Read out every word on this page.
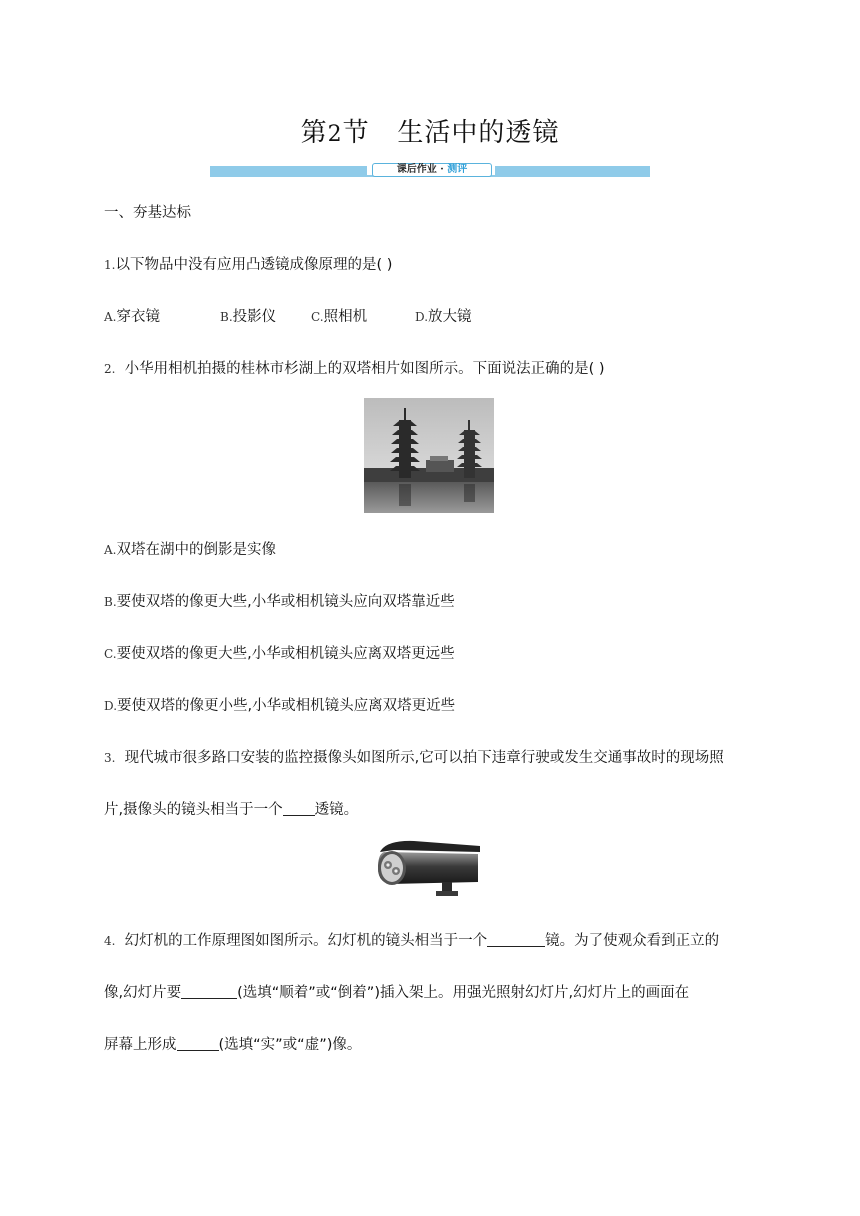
第2节 生活中的透镜
课后作业 · 测评
一、夯基达标
1.以下物品中没有应用凸透镜成像原理的是( )
A.穿衣镜	B.投影仪	C.照相机	D.放大镜
2. 小华用相机拍摄的桂林市杉湖上的双塔相片如图所示。下面说法正确的是( )
A.双塔在湖中的倒影是实像
B.要使双塔的像更大些,小华或相机镜头应向双塔靠近些
C.要使双塔的像更大些,小华或相机镜头应离双塔更远些
D.要使双塔的像更小些,小华或相机镜头应离双塔更近些
3. 现代城市很多路口安装的监控摄像头如图所示,它可以拍下违章行驶或发生交通事故时的现场照
片,摄像头的镜头相当于一个 透镜。
4. 幻灯机的工作原理图如图所示。幻灯机的镜头相当于一个	镜。为了使观众看到正立的
像,幻灯片要	(选填“顺着”或“倒着”)插入架上。用强光照射幻灯片,幻灯片上的画面在
屏幕上形成	(选填“实”或“虚”)像。
